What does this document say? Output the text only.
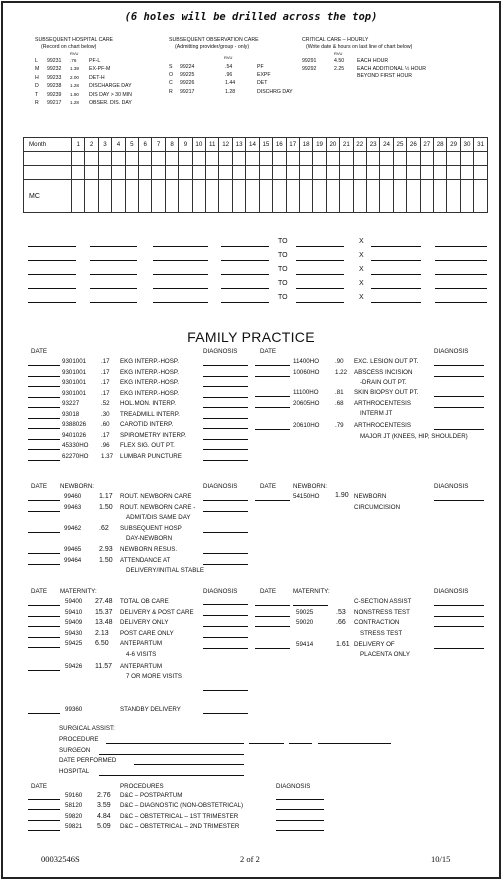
(6 holes will be drilled across the top)
SUBSEQUENT HOSPITAL CARE
(Record on chart below)
RVU
L 99231 .76 PF-L
M 99232 1.39 EX-PF-M
H 99233 2.00 DET-H
D 99238 1.28 DISCHARGE DAY
T 99239 1.90 DIS DAY > 30 MIN
R 99217 1.28 OBSER. DIS. DAY
SUBSEQUENT OBSERVATION CARE
(Admitting provider/group - only)
RVU
S 99224	.54	PF
O 99225	.96	EXPF
C 99226	1.44	DET
R 99217	1.28	DISCHRG DAY
CRITICAL CARE – HOURLY
(Write date & hours on last line of chart below)
RVU
99291	4.50 EACH HOUR
99292	2.25 EACH ADDITIONAL ½ HOUR
BEYOND FIRST HOUR
Month	1	2	3	4	5	6	7	8	9	10	11	12	13	14	15	16	17	18	19	20	21	22	23	24	25	26	27	28	29	30	31

MC																															
TO	X
TO	X
TO	X
TO	X
TO	X
DATE	DIAGNOSIS	DATE	DIAGNOSIS
9301001 .17 EKG INTERP.-HOSP.
9301001 .17 EKG INTERP.-HOSP.
9301001 .17 EKG INTERP.-HOSP.
9301001 .17 EKG INTERP.-HOSP.
93227	.52 HOL.MON. INTERP.
93018	.30 TREADMILL INTERP.
9388026 .60 CAROTID INTERP.
9401026 .17 SPIROMETRY INTERP.
45330HO .96 FLEX SIG. OUT PT.
62270HO 1.37 LUMBAR PUNCTURE
11400HO	.90 EXC. LESION OUT PT.
10060HO	1.22 ABSCESS INCISION
-DRAIN OUT PT.
11100HO	.81 SKIN BIOPSY OUT PT.
20605HO	.68 ARTHROCENTESIS
INTERM JT
20610HO	.79 ARTHROCENTESIS
MAJOR JT (KNEES, HIP, SHOULDER)
DATE NEWBORN:	DIAGNOSIS	DATE	NEWBORN:	DIAGNOSIS
99460	1.17 ROUT. NEWBORN CARE
99463	1.50 ROUT. NEWBORN CARE -
ADMIT/DIS SAME DAY
99462	.62 SUBSEQUENT HOSP
DAY-NEWBORN
99465	2.93 NEWBORN RESUS.
99464	1.50 ATTENDANCE AT
DELIVERY/INITIAL STABLE
54150HO 1.90 NEWBORN
CIRCUMCISION
DATE MATERNITY:	DIAGNOSIS	DATE	MATERNITY:	DIAGNOSIS
59400 27.48 TOTAL OB CARE
59410 15.37 DELIVERY & POST CARE
59409 13.48 DELIVERY ONLY
59430 2.13 POST CARE ONLY
59425 6.50 ANTEPARTUM
4-6 VISITS
59426 11.57 ANTEPARTUM
7 OR MORE VISITS
C-SECTION ASSIST
59025	.53 NONSTRESS TEST
59020	.66 CONTRACTION
STRESS TEST
59414	1.61 DELIVERY OF
PLACENTA ONLY
99360	STANDBY DELIVERY
SURGICAL ASSIST:
PROCEDURE
SURGEON
DATE PERFORMED
HOSPITAL
DATE	PROCEDURES	DIAGNOSIS
59160 2.76 D&C – POSTPARTUM
58120 3.59 D&C – DIAGNOSTIC (NON-OBSTETRICAL)
59820 4.84 D&C – OBSTETRICAL – 1ST TRIMESTER
59821 5.09 D&C – OBSTETRICAL – 2ND TRIMESTER
00032546S	2 of 2	10/15
FAMILY PRACTICE
